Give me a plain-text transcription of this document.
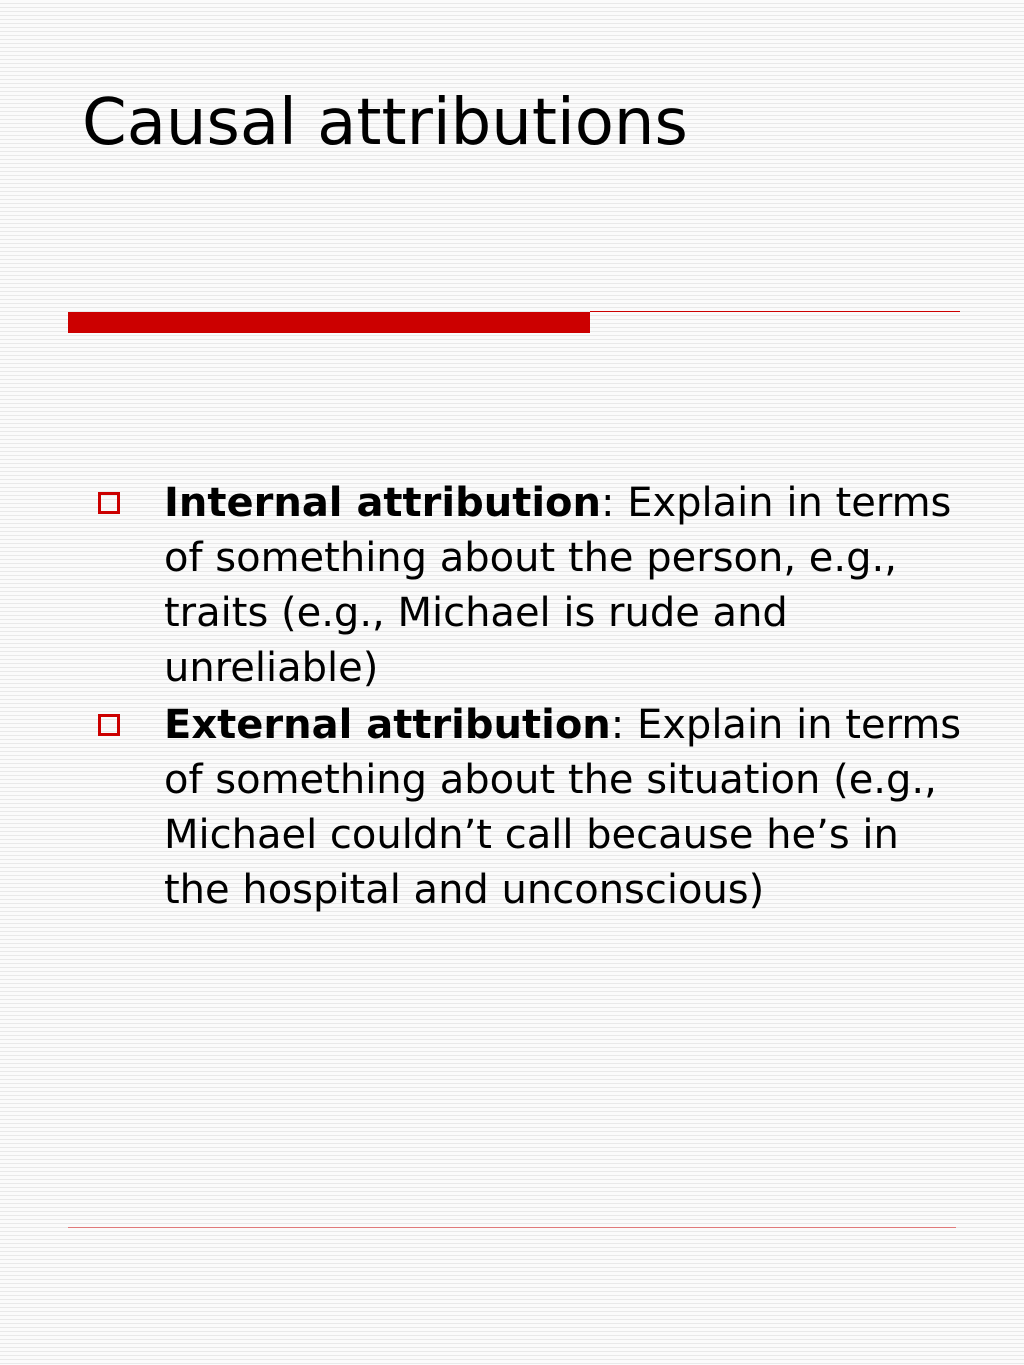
Causal attributions
Internal attribution: Explain in terms of something about the person, e.g., traits (e.g., Michael is rude and unreliable)
External attribution: Explain in terms of something about the situation (e.g., Michael couldn’t call because he’s in the hospital and unconscious)
